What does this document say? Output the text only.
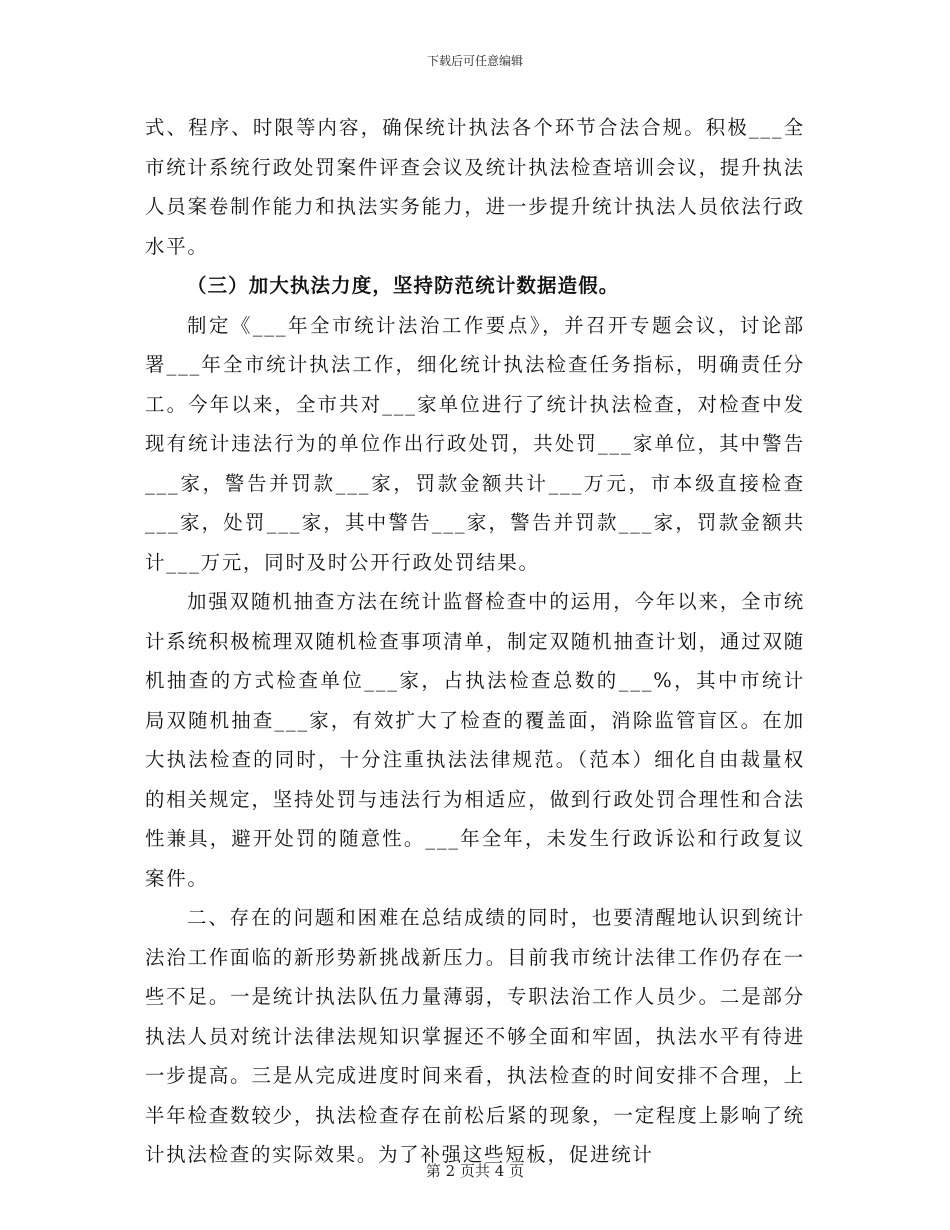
下载后可任意编辑

式、程序、时限等内容，确保统计执法各个环节合法合规。积极___全市统计系统行政处罚案件评查会议及统计执法检查培训会议，提升执法人员案卷制作能力和执法实务能力，进一步提升统计执法人员依法行政水平。

（三）加大执法力度，坚持防范统计数据造假。

制定《___年全市统计法治工作要点》，并召开专题会议，讨论部署___年全市统计执法工作，细化统计执法检查任务指标，明确责任分工。今年以来，全市共对___家单位进行了统计执法检查，对检查中发现有统计违法行为的单位作出行政处罚，共处罚___家单位，其中警告___家，警告并罚款___家，罚款金额共计___万元，市本级直接检查___家，处罚___家，其中警告___家，警告并罚款___家，罚款金额共计___万元，同时及时公开行政处罚结果。

加强双随机抽查方法在统计监督检查中的运用，今年以来，全市统计系统积极梳理双随机检查事项清单，制定双随机抽查计划，通过双随机抽查的方式检查单位___家，占执法检查总数的___%，其中市统计局双随机抽查___家，有效扩大了检查的覆盖面，消除监管盲区。在加大执法检查的同时，十分注重执法法律规范。（范本）细化自由裁量权的相关规定，坚持处罚与违法行为相适应，做到行政处罚合理性和合法性兼具，避开处罚的随意性。___年全年，未发生行政诉讼和行政复议案件。

二、存在的问题和困难在总结成绩的同时，也要清醒地认识到统计法治工作面临的新形势新挑战新压力。目前我市统计法律工作仍存在一些不足。一是统计执法队伍力量薄弱，专职法治工作人员少。二是部分执法人员对统计法律法规知识掌握还不够全面和牢固，执法水平有待进一步提高。三是从完成进度时间来看，执法检查的时间安排不合理，上半年检查数较少，执法检查存在前松后紧的现象，一定程度上影响了统计执法检查的实际效果。为了补强这些短板，促进统计

第 2 页共 4 页
